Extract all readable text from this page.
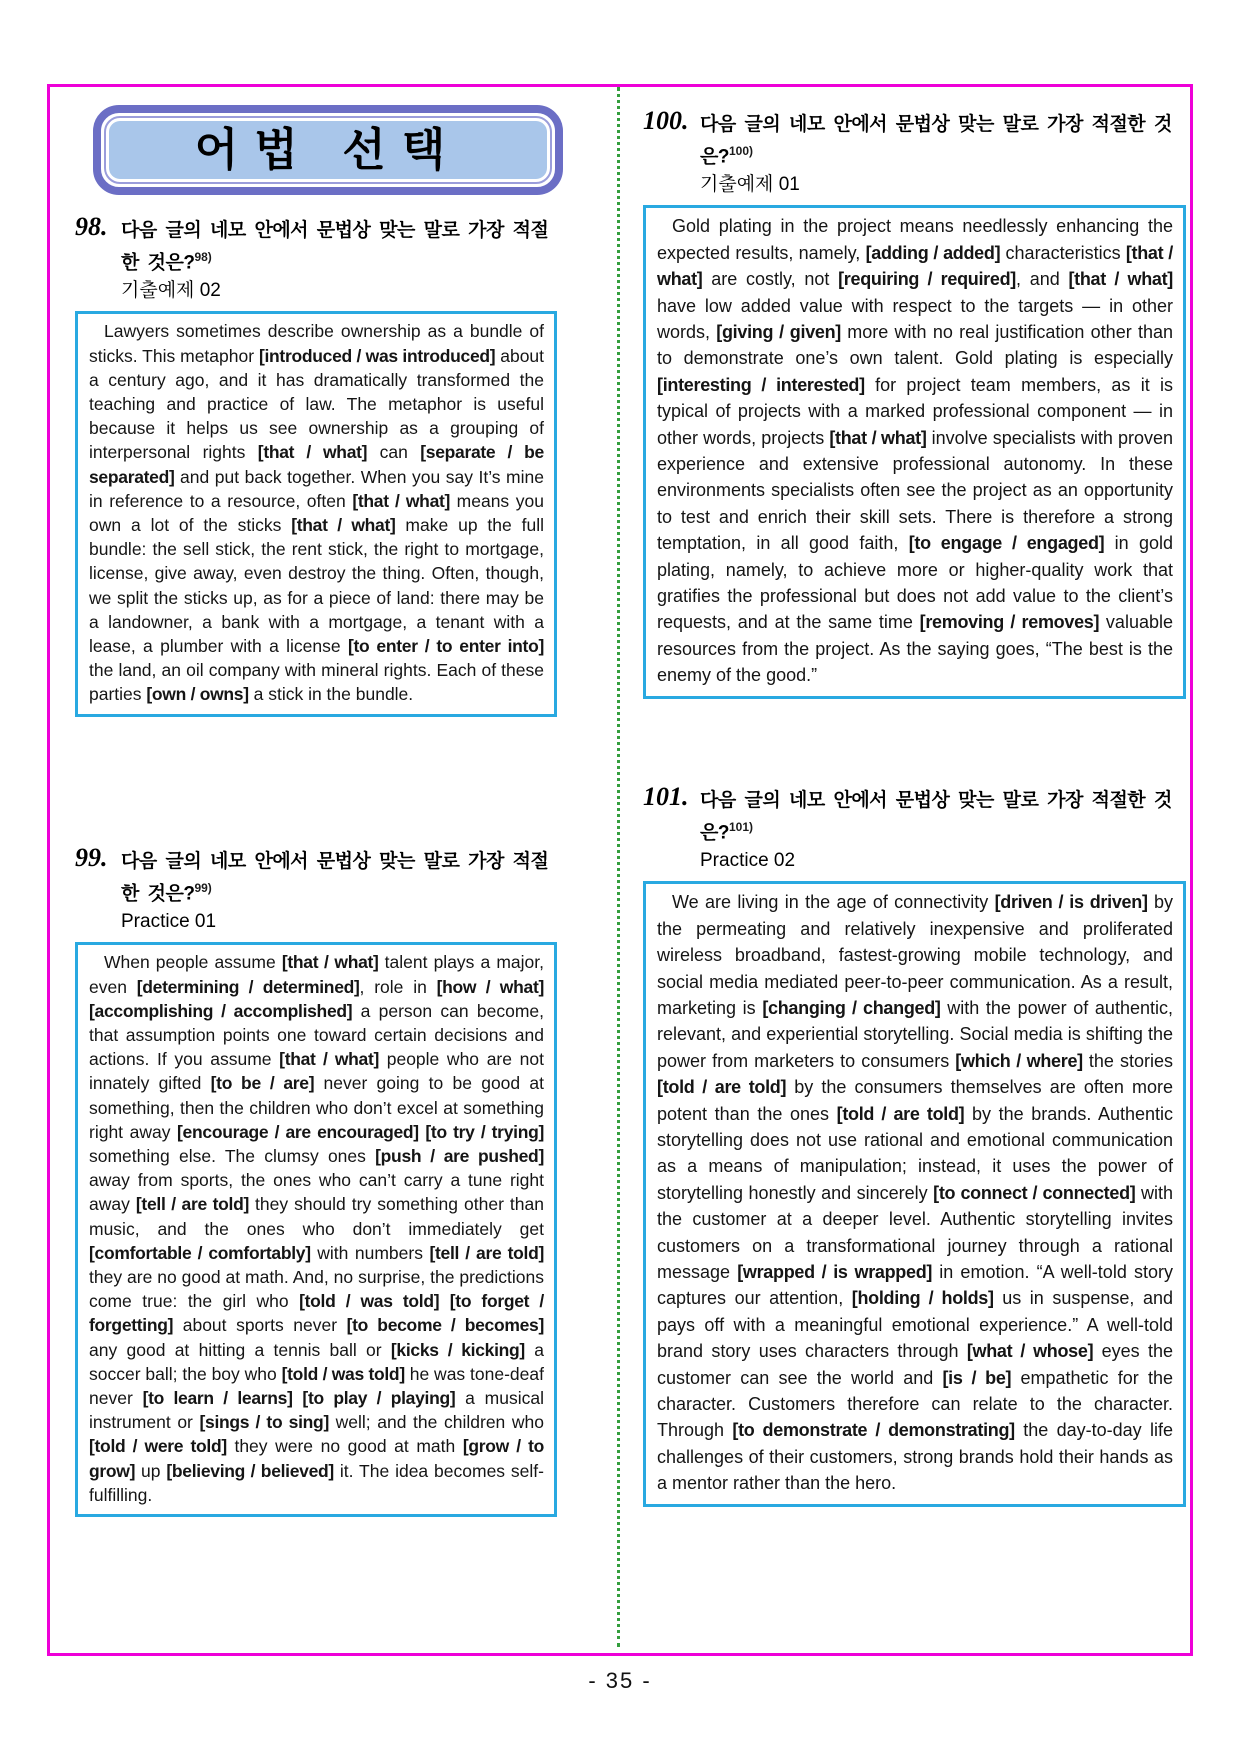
어법 선택
98. 다음 글의 네모 안에서 문법상 맞는 말로 가장 적절한 것은?$^{98)}$
기출예제 02

Lawyers sometimes describe ownership as a bundle of sticks. This metaphor [introduced / was introduced] about a century ago, and it has dramatically transformed the teaching and practice of law. The metaphor is useful because it helps us see ownership as a grouping of interpersonal rights [that / what] can [separate / be separated] and put back together. When you say It’s mine in reference to a resource, often [that / what] means you own a lot of the sticks [that / what] make up the full bundle: the sell stick, the rent stick, the right to mortgage, license, give away, even destroy the thing. Often, though, we split the sticks up, as for a piece of land: there may be a landowner, a bank with a mortgage, a tenant with a lease, a plumber with a license [to enter / to enter into] the land, an oil company with mineral rights. Each of these parties [own / owns] a stick in the bundle.

99. 다음 글의 네모 안에서 문법상 맞는 말로 가장 적절한 것은?$^{99)}$
Practice 01

When people assume [that / what] talent plays a major, even [determining / determined], role in [how / what] [accomplishing / accomplished] a person can become, that assumption points one toward certain decisions and actions. If you assume [that / what] people who are not innately gifted [to be / are] never going to be good at something, then the children who don’t excel at something right away [encourage / are encouraged] [to try / trying] something else. The clumsy ones [push / are pushed] away from sports, the ones who can’t carry a tune right away [tell / are told] they should try something other than music, and the ones who don’t immediately get [comfortable / comfortably] with numbers [tell / are told] they are no good at math. And, no surprise, the predictions come true: the girl who [told / was told] [to forget / forgetting] about sports never [to become / becomes] any good at hitting a tennis ball or [kicks / kicking] a soccer ball; the boy who [told / was told] he was tone-deaf never [to learn / learns] [to play / playing] a musical instrument or [sings / to sing] well; and the children who [told / were told] they were no good at math [grow / to grow] up [believing / believed] it. The idea becomes self-fulfilling.

100. 다음 글의 네모 안에서 문법상 맞는 말로 가장 적절한 것은?$^{100)}$
기출예제 01

Gold plating in the project means needlessly enhancing the expected results, namely, [adding / added] characteristics [that / what] are costly, not [requiring / required], and [that / what] have low added value with respect to the targets — in other words, [giving / given] more with no real justification other than to demonstrate one’s own talent. Gold plating is especially [interesting / interested] for project team members, as it is typical of projects with a marked professional component — in other words, projects [that / what] involve specialists with proven experience and extensive professional autonomy. In these environments specialists often see the project as an opportunity to test and enrich their skill sets. There is therefore a strong temptation, in all good faith, [to engage / engaged] in gold plating, namely, to achieve more or higher-quality work that gratifies the professional but does not add value to the client’s requests, and at the same time [removing / removes] valuable resources from the project. As the saying goes, “The best is the enemy of the good.”

101. 다음 글의 네모 안에서 문법상 맞는 말로 가장 적절한 것은?$^{101)}$
Practice 02

We are living in the age of connectivity [driven / is driven] by the permeating and relatively inexpensive and proliferated wireless broadband, fastest-growing mobile technology, and social media mediated peer-to-peer communication. As a result, marketing is [changing / changed] with the power of authentic, relevant, and experiential storytelling. Social media is shifting the power from marketers to consumers [which / where] the stories [told / are told] by the consumers themselves are often more potent than the ones [told / are told] by the brands. Authentic storytelling does not use rational and emotional communication as a means of manipulation; instead, it uses the power of storytelling honestly and sincerely [to connect / connected] with the customer at a deeper level. Authentic storytelling invites customers on a transformational journey through a rational message [wrapped / is wrapped] in emotion. “A well-told story captures our attention, [holding / holds] us in suspense, and pays off with a meaningful emotional experience.” A well-told brand story uses characters through [what / whose] eyes the customer can see the world and [is / be] empathetic for the character. Customers therefore can relate to the character. Through [to demonstrate / demonstrating] the day-to-day life challenges of their customers, strong brands hold their hands as a mentor rather than the hero.

- 35 -
